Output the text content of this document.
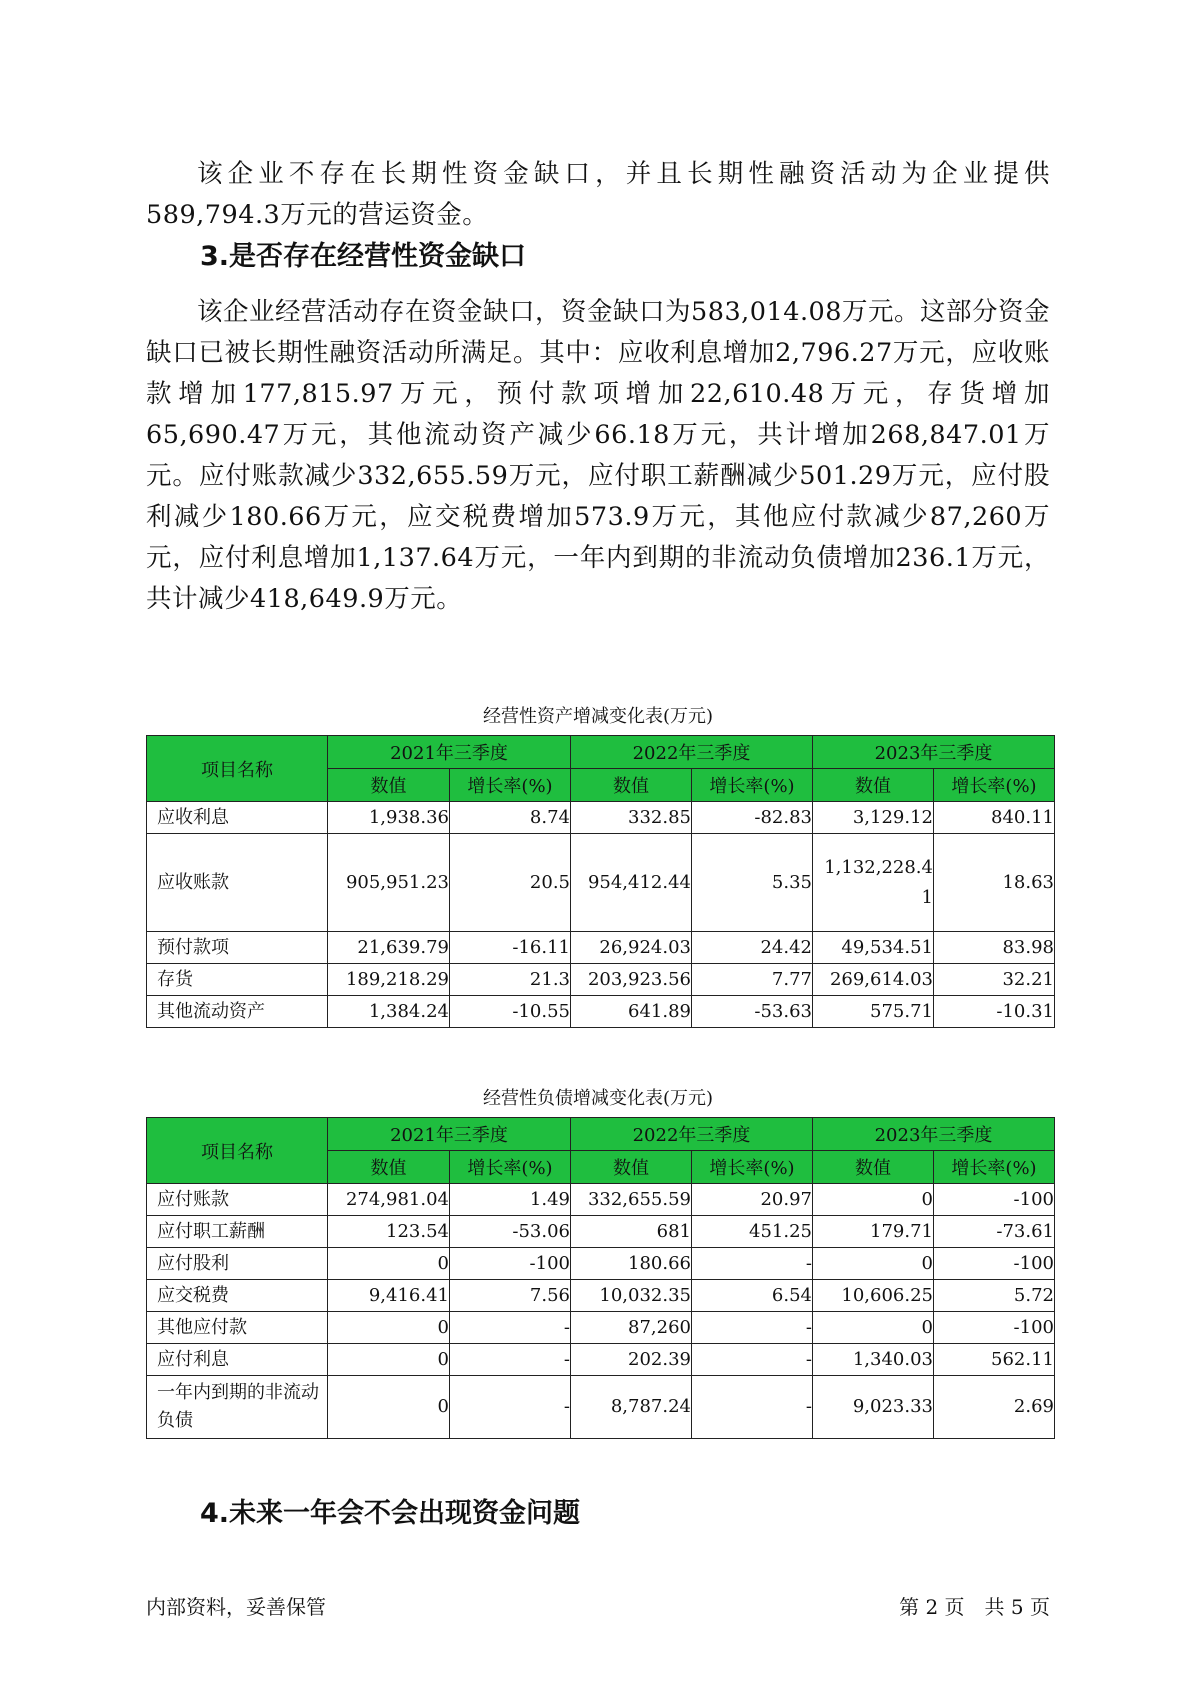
该企业不存在长期性资金缺口，并且长期性融资活动为企业提供589,794.3万元的营运资金。

3.是否存在经营性资金缺口

该企业经营活动存在资金缺口，资金缺口为583,014.08万元。这部分资金缺口已被长期性融资活动所满足。其中：应收利息增加2,796.27万元，应收账款增加177,815.97万元，预付款项增加22,610.48万元，存货增加65,690.47万元，其他流动资产减少66.18万元，共计增加268,847.01万元。应付账款减少332,655.59万元，应付职工薪酬减少501.29万元，应付股利减少180.66万元，应交税费增加573.9万元，其他应付款减少87,260万元，应付利息增加1,137.64万元，一年内到期的非流动负债增加236.1万元，共计减少418,649.9万元。

经营性资产增减变化表(万元)
项目名称	2021年三季度		2022年三季度		2023年三季度	
	数值	增长率(%)	数值	增长率(%)	数值	增长率(%)
应收利息	1,938.36	8.74	332.85	-82.83	3,129.12	840.11
应收账款	905,951.23	20.5	954,412.44	5.35	1,132,228.41	18.63
预付款项	21,639.79	-16.11	26,924.03	24.42	49,534.51	83.98
存货	189,218.29	21.3	203,923.56	7.77	269,614.03	32.21
其他流动资产	1,384.24	-10.55	641.89	-53.63	575.71	-10.31
经营性负债增减变化表(万元)
项目名称	2021年三季度		2022年三季度		2023年三季度	
	数值	增长率(%)	数值	增长率(%)	数值	增长率(%)
应付账款	274,981.04	1.49	332,655.59	20.97	0	-100
应付职工薪酬	123.54	-53.06	681	451.25	179.71	-73.61
应付股利	0	-100	180.66	-	0	-100
应交税费	9,416.41	7.56	10,032.35	6.54	10,606.25	5.72
其他应付款	0	-	87,260	-	0	-100
应付利息	0	-	202.39	-	1,340.03	562.11
一年内到期的非流动负债	0	-	8,787.24	-	9,023.33	2.69
4.未来一年会不会出现资金问题
内部资料，妥善保管	第 2 页　共 5 页
